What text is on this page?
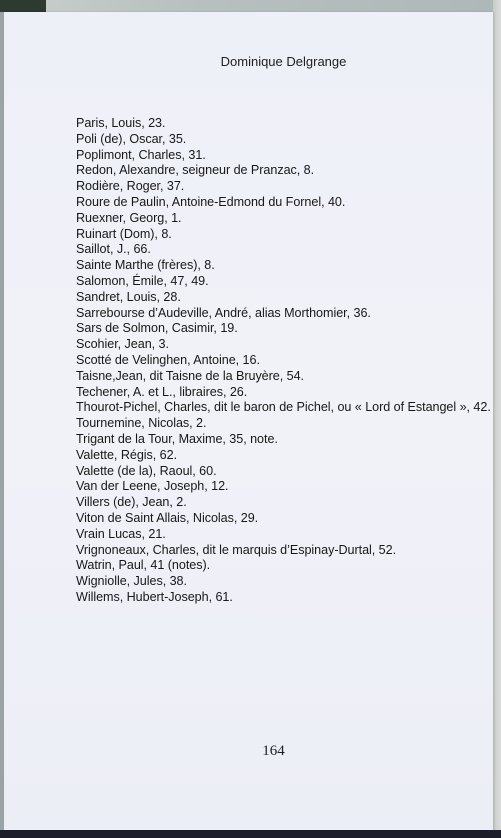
Dominique Delgrange
Paris, Louis, 23.
Poli (de), Oscar, 35.
Poplimont, Charles, 31.
Redon, Alexandre, seigneur de Pranzac, 8.
Rodière, Roger, 37.
Roure de Paulin, Antoine-Edmond du Fornel, 40.
Ruexner, Georg, 1.
Ruinart (Dom), 8.
Saillot, J., 66.
Sainte Marthe (frères), 8.
Salomon, Émile, 47, 49.
Sandret, Louis, 28.
Sarrebourse d’Audeville, André, alias Morthomier, 36.
Sars de Solmon, Casimir, 19.
Scohier, Jean, 3.
Scotté de Velinghen, Antoine, 16.
Taisne,Jean, dit Taisne de la Bruyère, 54.
Techener, A. et L., libraires, 26.
Thourot-Pichel, Charles, dit le baron de Pichel, ou « Lord of Estangel », 42.
Tournemine, Nicolas, 2.
Trigant de la Tour, Maxime, 35, note.
Valette, Régis, 62.
Valette (de la), Raoul, 60.
Van der Leene, Joseph, 12.
Villers (de), Jean, 2.
Viton de Saint Allais, Nicolas, 29.
Vrain Lucas, 21.
Vrignoneaux, Charles, dit le marquis d’Espinay-Durtal, 52.
Watrin, Paul, 41 (notes).
Wigniolle, Jules, 38.
Willems, Hubert-Joseph, 61.
164
